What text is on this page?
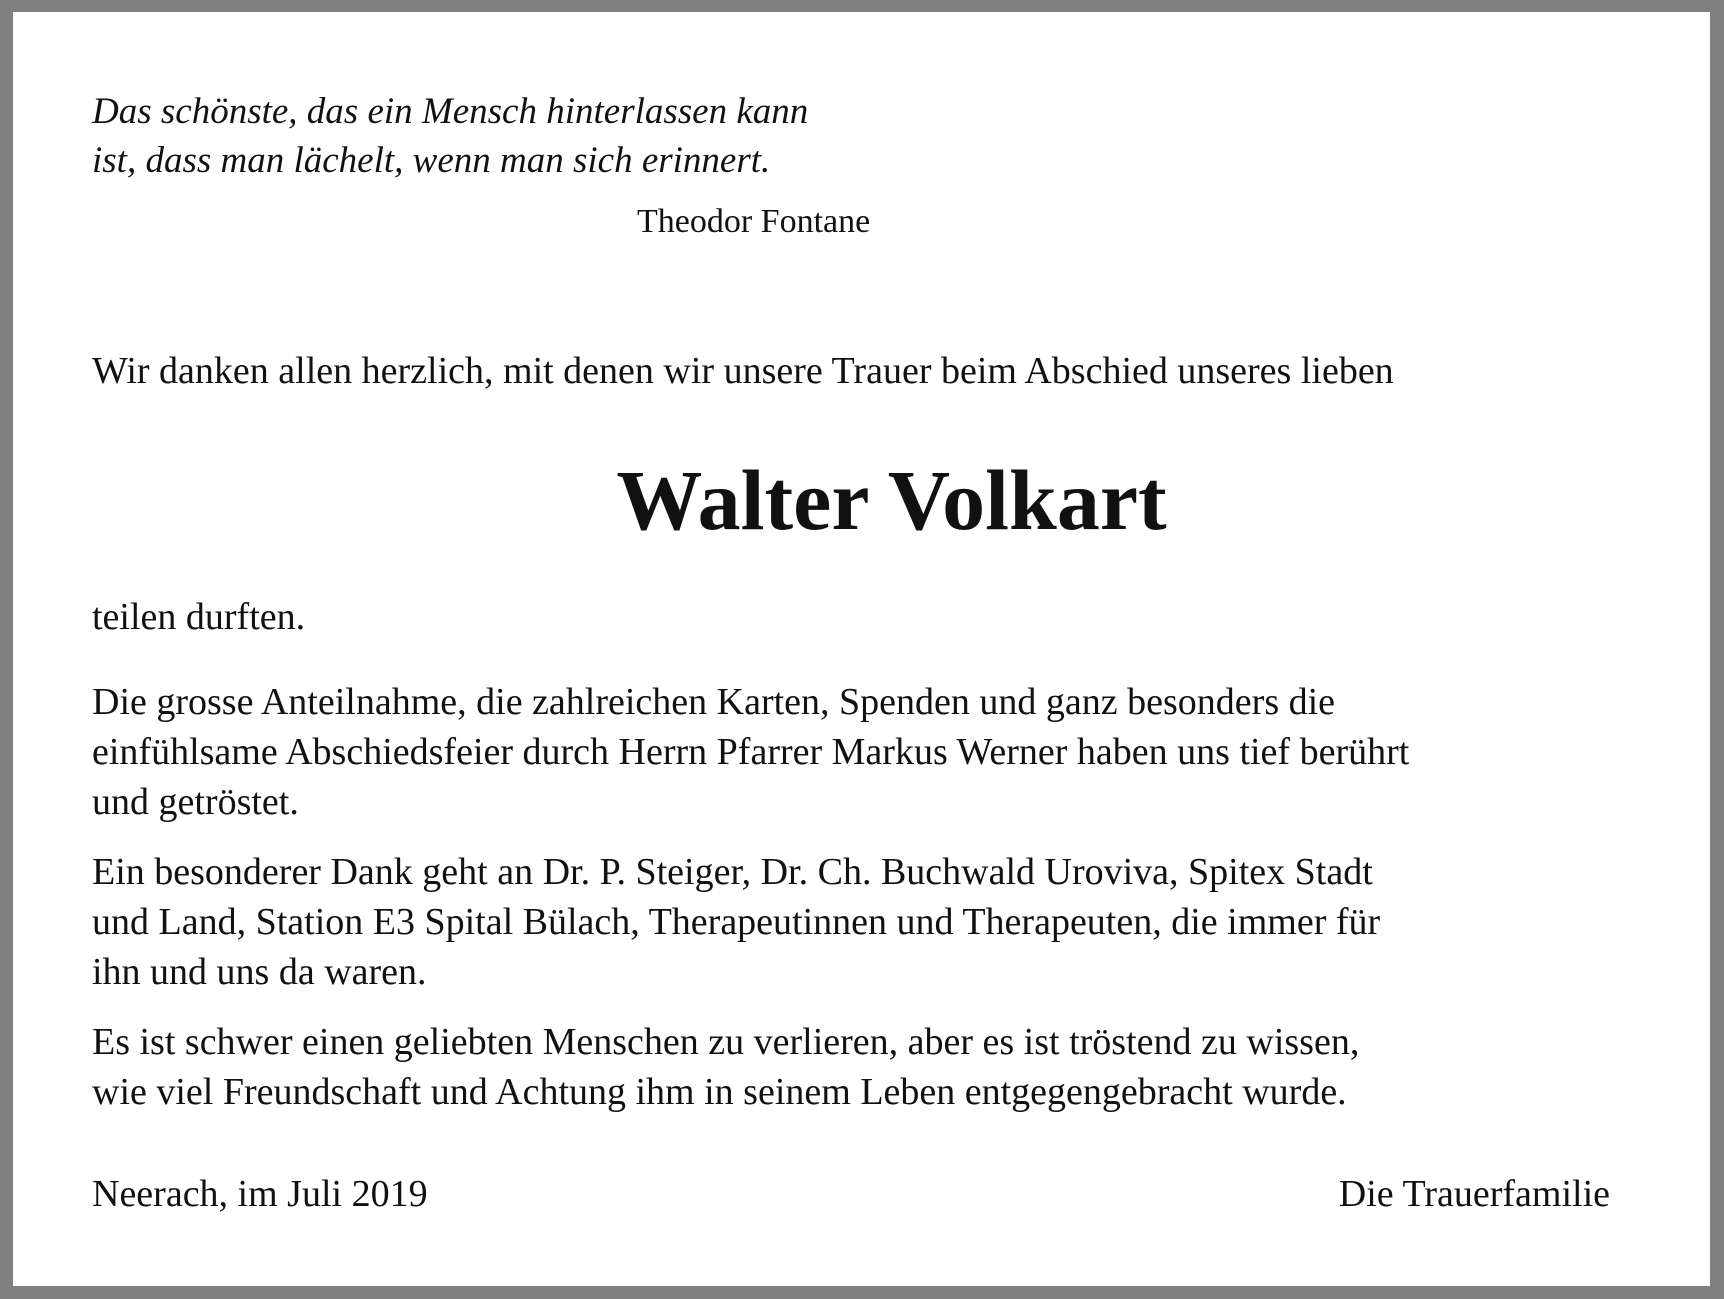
Das schönste, das ein Mensch hinterlassen kann
ist, dass man lächelt, wenn man sich erinnert.

Theodor Fontane
Wir danken allen herzlich, mit denen wir unsere Trauer beim Abschied unseres lieben
Walter Volkart

teilen durften.

Die grosse Anteilnahme, die zahlreichen Karten, Spenden und ganz besonders die
einfühlsame Abschiedsfeier durch Herrn Pfarrer Markus Werner haben uns tief berührt
und getröstet.

Ein besonderer Dank geht an Dr. P. Steiger, Dr. Ch. Buchwald Uroviva, Spitex Stadt
und Land, Station E3 Spital Bülach, Therapeutinnen und Therapeuten, die immer für
ihn und uns da waren.

Es ist schwer einen geliebten Menschen zu verlieren, aber es ist tröstend zu wissen,
wie viel Freundschaft und Achtung ihm in seinem Leben entgegengebracht wurde.

Neerach, im Juli 2019	Die Trauerfamilie
